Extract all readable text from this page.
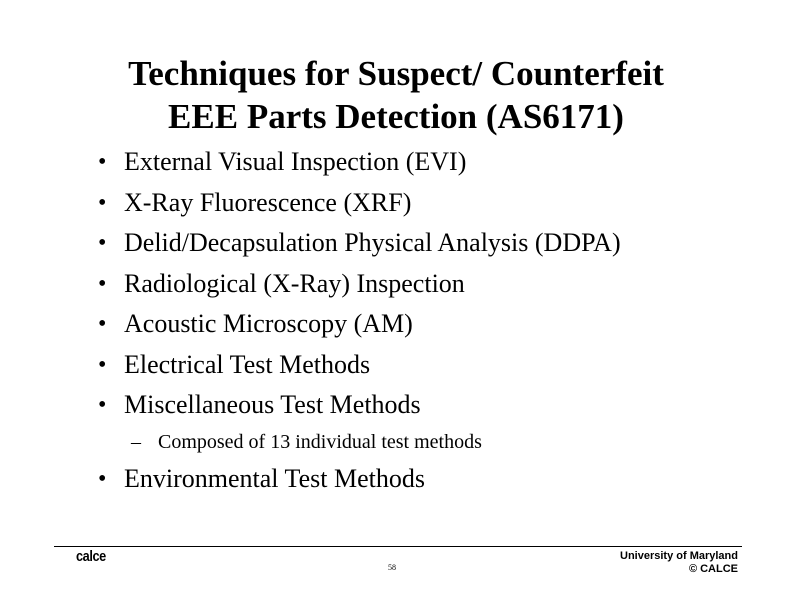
Techniques for Suspect/ Counterfeit
EEE Parts Detection (AS6171)
• External Visual Inspection (EVI)
• X-Ray Fluorescence (XRF)
• Delid/Decapsulation Physical Analysis (DDPA)
• Radiological (X-Ray) Inspection
• Acoustic Microscopy (AM)
• Electrical Test Methods
• Miscellaneous Test Methods
– Composed of 13 individual test methods
• Environmental Test Methods
calce
58
University of Maryland
© CALCE
